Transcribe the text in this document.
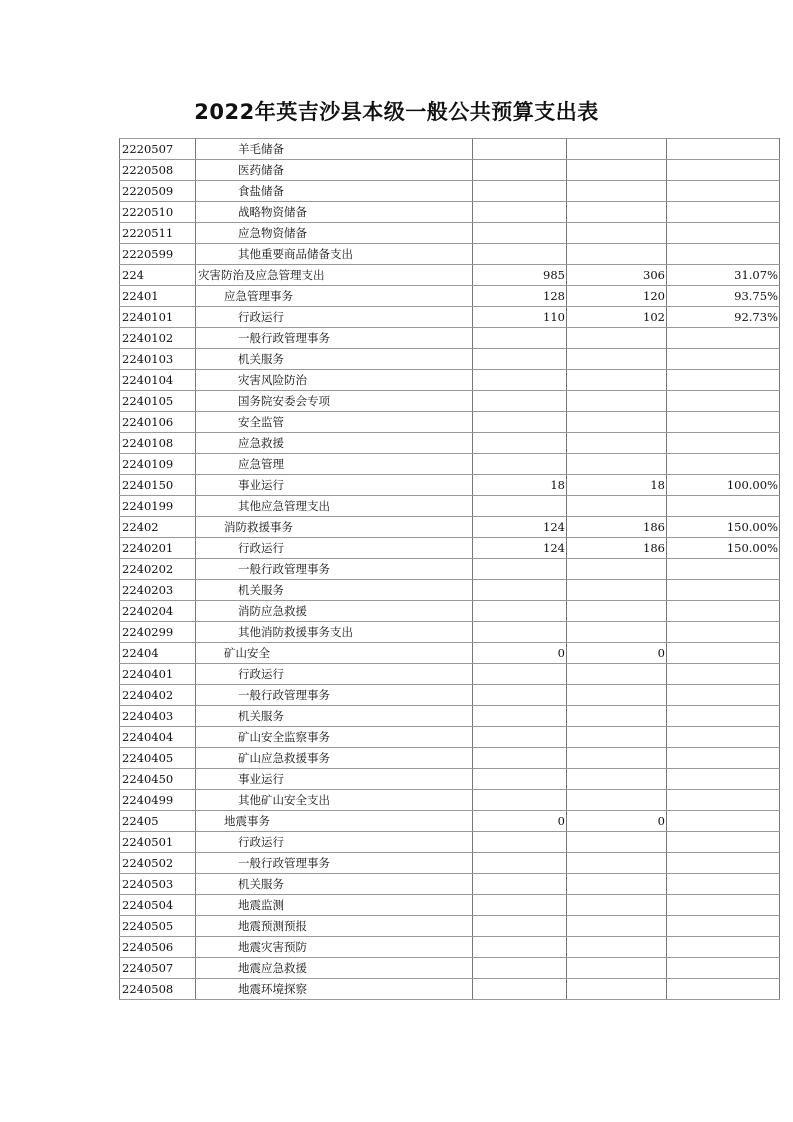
2022年英吉沙县本级一般公共预算支出表
2220507	羊毛储备			
2220508	医药储备			
2220509	食盐储备			
2220510	战略物资储备			
2220511	应急物资储备			
2220599	其他重要商品储备支出			
224	灾害防治及应急管理支出	985	306	31.07%
22401	应急管理事务	128	120	93.75%
2240101	行政运行	110	102	92.73%
2240102	一般行政管理事务			
2240103	机关服务			
2240104	灾害风险防治			
2240105	国务院安委会专项			
2240106	安全监管			
2240108	应急救援			
2240109	应急管理			
2240150	事业运行	18	18	100.00%
2240199	其他应急管理支出			
22402	消防救援事务	124	186	150.00%
2240201	行政运行	124	186	150.00%
2240202	一般行政管理事务			
2240203	机关服务			
2240204	消防应急救援			
2240299	其他消防救援事务支出			
22404	矿山安全	0	0	
2240401	行政运行			
2240402	一般行政管理事务			
2240403	机关服务			
2240404	矿山安全监察事务			
2240405	矿山应急救援事务			
2240450	事业运行			
2240499	其他矿山安全支出			
22405	地震事务	0	0	
2240501	行政运行			
2240502	一般行政管理事务			
2240503	机关服务			
2240504	地震监测			
2240505	地震预测预报			
2240506	地震灾害预防			
2240507	地震应急救援			
2240508	地震环境探察			
